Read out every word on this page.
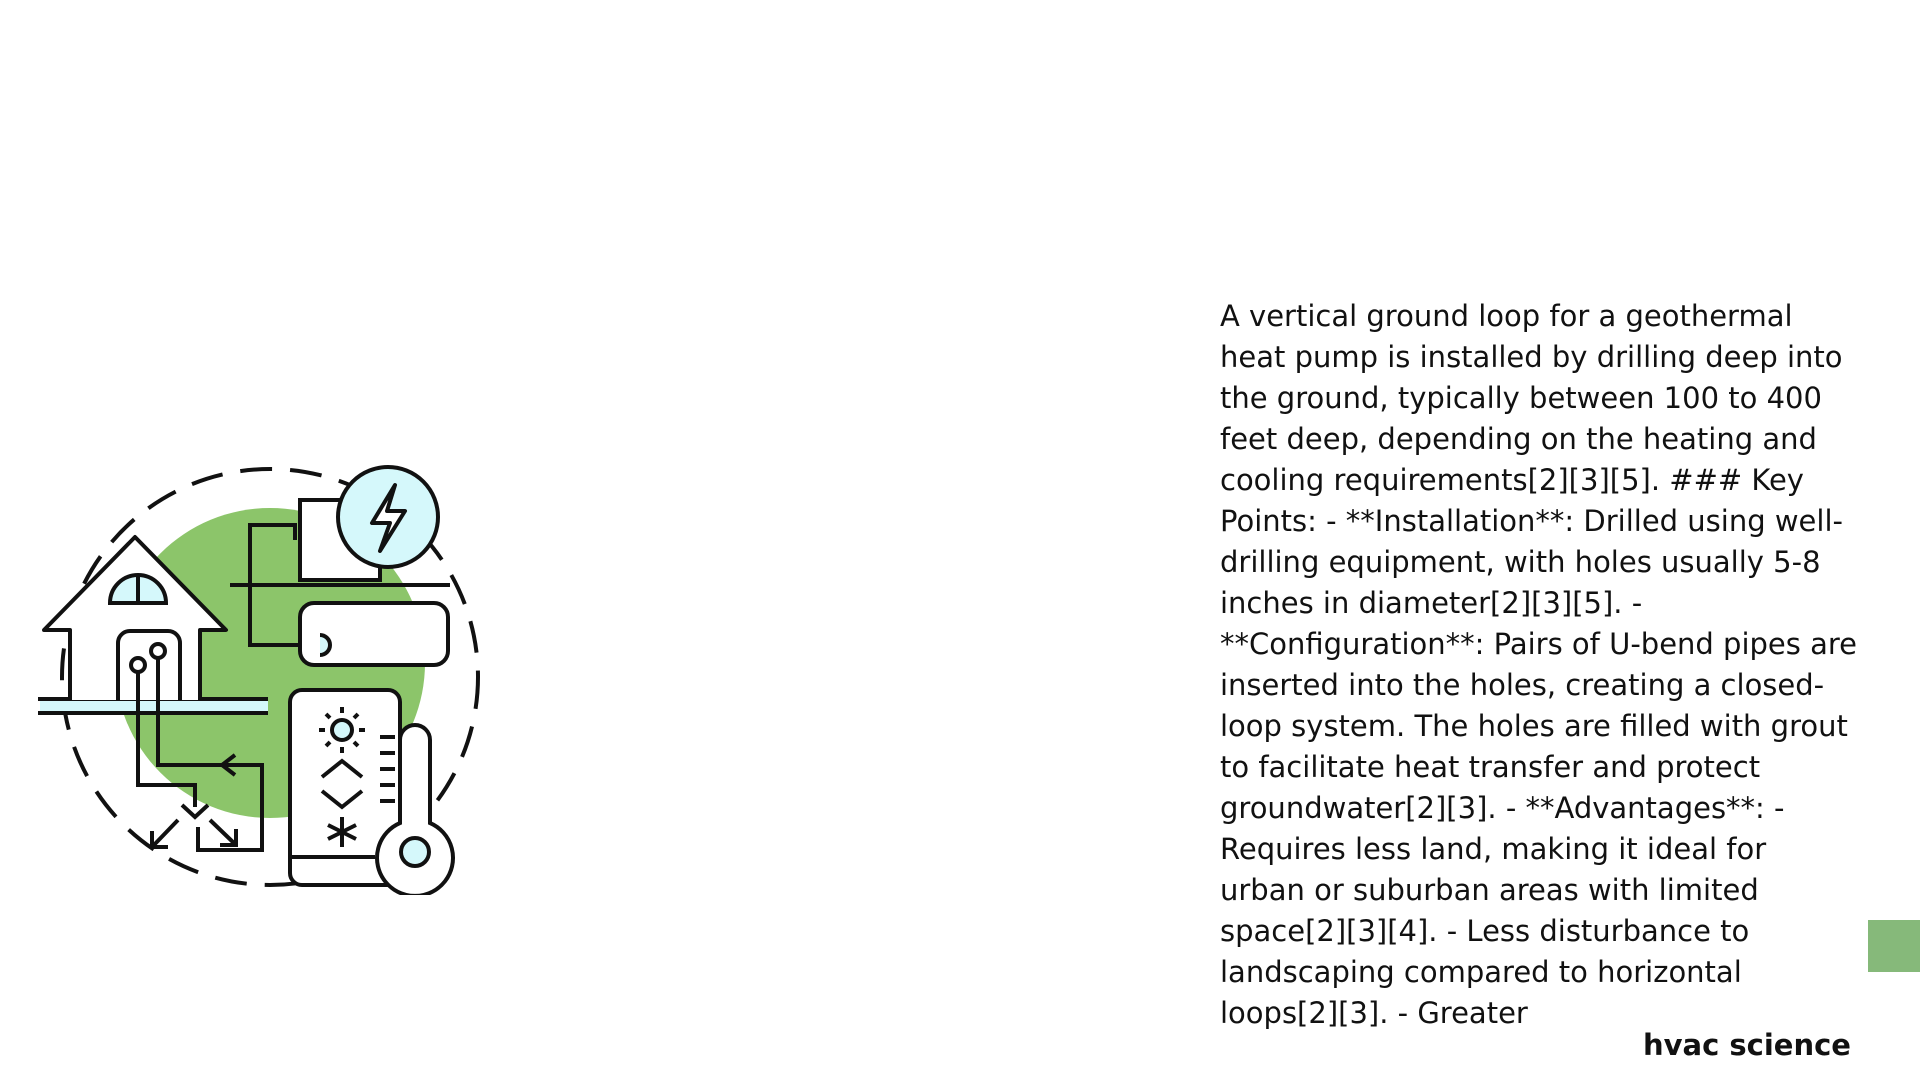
A vertical ground loop for a geothermal heat pump is installed by drilling deep into the ground, typically between 100 to 400 feet deep, depending on the heating and cooling requirements[2][3][5]. ### Key Points: - **Installation**: Drilled using well-drilling equipment, with holes usually 5-8 inches in diameter[2][3][5]. - **Configuration**: Pairs of U-bend pipes are inserted into the holes, creating a closed-loop system. The holes are filled with grout to facilitate heat transfer and protect groundwater[2][3]. - **Advantages**: - Requires less land, making it ideal for urban or suburban areas with limited space[2][3][4]. - Less disturbance to landscaping compared to horizontal loops[2][3]. - Greater
hvac science
